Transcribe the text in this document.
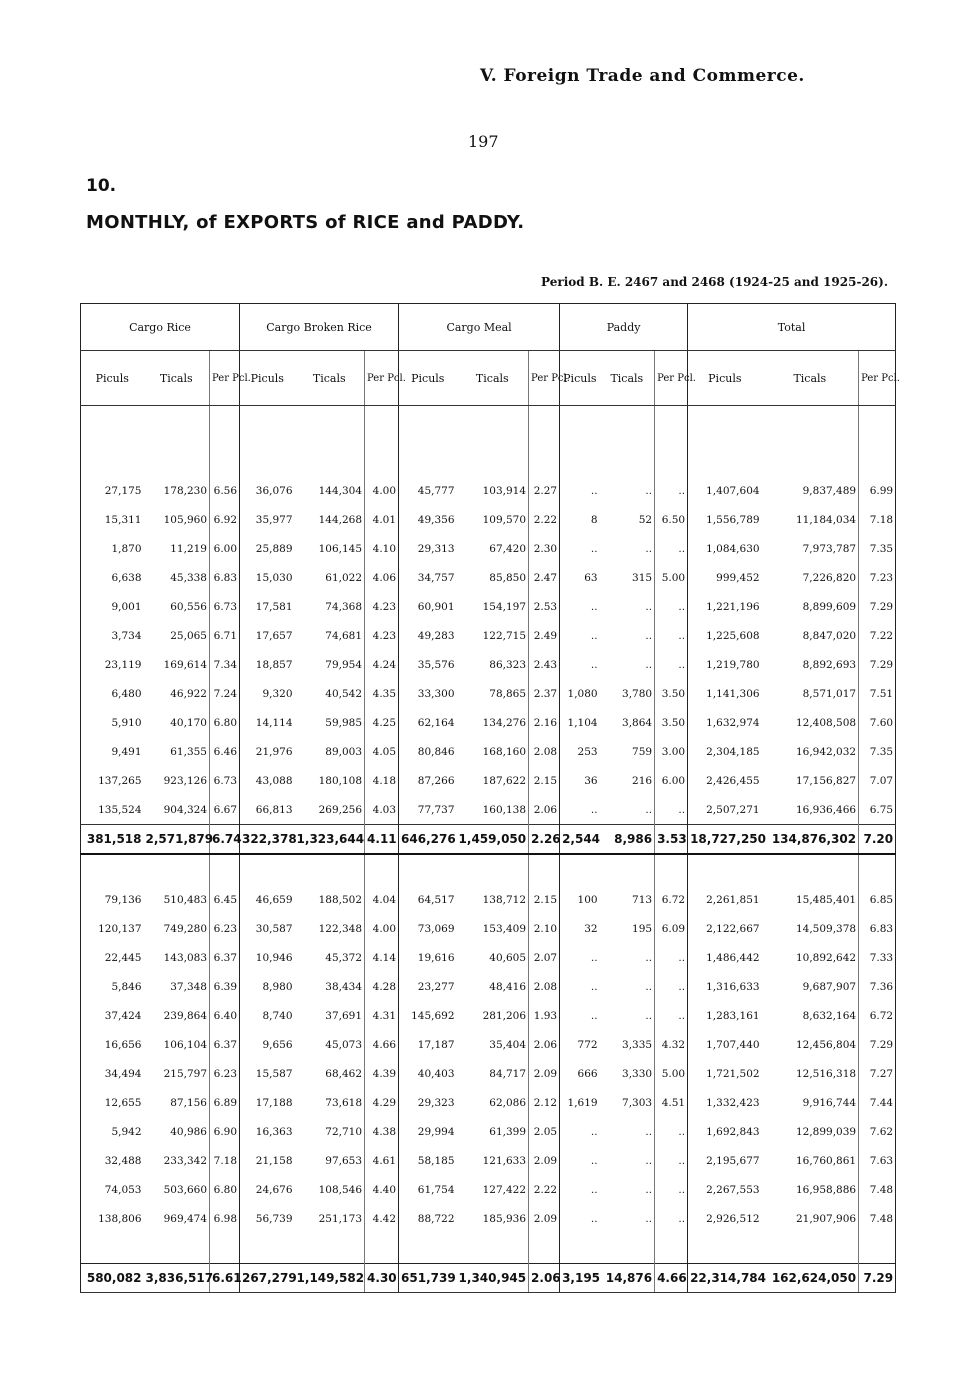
V. Foreign Trade and Commerce.
197
10.
MONTHLY, of EXPORTS of RICE and PADDY.
Period B. E. 2467 and 2468 (1924-25 and 1925-26).
Cargo Rice			Cargo Broken Rice			Cargo Meal			Paddy			Total		
Piculs	Ticals	Per Pcl.	Piculs	Ticals	Per Pcl.	Piculs	Ticals	Per Pcl.	Piculs	Ticals	Per Pcl.	Piculs	Ticals	Per Pcl.

27,175	178,230	6.56	36,076	144,304	4.00	45,777	103,914	2.27	..	..	..	1,407,604	9,837,489	6.99
15,311	105,960	6.92	35,977	144,268	4.01	49,356	109,570	2.22	8	52	6.50	1,556,789	11,184,034	7.18
1,870	11,219	6.00	25,889	106,145	4.10	29,313	67,420	2.30	..	..	..	1,084,630	7,973,787	7.35
6,638	45,338	6.83	15,030	61,022	4.06	34,757	85,850	2.47	63	315	5.00	999,452	7,226,820	7.23
9,001	60,556	6.73	17,581	74,368	4.23	60,901	154,197	2.53	..	..	..	1,221,196	8,899,609	7.29
3,734	25,065	6.71	17,657	74,681	4.23	49,283	122,715	2.49	..	..	..	1,225,608	8,847,020	7.22
23,119	169,614	7.34	18,857	79,954	4.24	35,576	86,323	2.43	..	..	..	1,219,780	8,892,693	7.29
6,480	46,922	7.24	9,320	40,542	4.35	33,300	78,865	2.37	1,080	3,780	3.50	1,141,306	8,571,017	7.51
5,910	40,170	6.80	14,114	59,985	4.25	62,164	134,276	2.16	1,104	3,864	3.50	1,632,974	12,408,508	7.60
9,491	61,355	6.46	21,976	89,003	4.05	80,846	168,160	2.08	253	759	3.00	2,304,185	16,942,032	7.35
137,265	923,126	6.73	43,088	180,108	4.18	87,266	187,622	2.15	36	216	6.00	2,426,455	17,156,827	7.07
135,524	904,324	6.67	66,813	269,256	4.03	77,737	160,138	2.06	..	..	..	2,507,271	16,936,466	6.75
381,518	2,571,879	6.74	322,378	1,323,644	4.11	646,276	1,459,050	2.26	2,544	8,986	3.53	18,727,250	134,876,302	7.20

79,136	510,483	6.45	46,659	188,502	4.04	64,517	138,712	2.15	100	713	6.72	2,261,851	15,485,401	6.85
120,137	749,280	6.23	30,587	122,348	4.00	73,069	153,409	2.10	32	195	6.09	2,122,667	14,509,378	6.83
22,445	143,083	6.37	10,946	45,372	4.14	19,616	40,605	2.07	..	..	..	1,486,442	10,892,642	7.33
5,846	37,348	6.39	8,980	38,434	4.28	23,277	48,416	2.08	..	..	..	1,316,633	9,687,907	7.36
37,424	239,864	6.40	8,740	37,691	4.31	145,692	281,206	1.93	..	..	..	1,283,161	8,632,164	6.72
16,656	106,104	6.37	9,656	45,073	4.66	17,187	35,404	2.06	772	3,335	4.32	1,707,440	12,456,804	7.29
34,494	215,797	6.23	15,587	68,462	4.39	40,403	84,717	2.09	666	3,330	5.00	1,721,502	12,516,318	7.27
12,655	87,156	6.89	17,188	73,618	4.29	29,323	62,086	2.12	1,619	7,303	4.51	1,332,423	9,916,744	7.44
5,942	40,986	6.90	16,363	72,710	4.38	29,994	61,399	2.05	..	..	..	1,692,843	12,899,039	7.62
32,488	233,342	7.18	21,158	97,653	4.61	58,185	121,633	2.09	..	..	..	2,195,677	16,760,861	7.63
74,053	503,660	6.80	24,676	108,546	4.40	61,754	127,422	2.22	..	..	..	2,267,553	16,958,886	7.48
138,806	969,474	6.98	56,739	251,173	4.42	88,722	185,936	2.09	..	..	..	2,926,512	21,907,906	7.48

580,082	3,836,517	6.61	267,279	1,149,582	4.30	651,739	1,340,945	2.06	3,195	14,876	4.66	22,314,784	162,624,050	7.29
